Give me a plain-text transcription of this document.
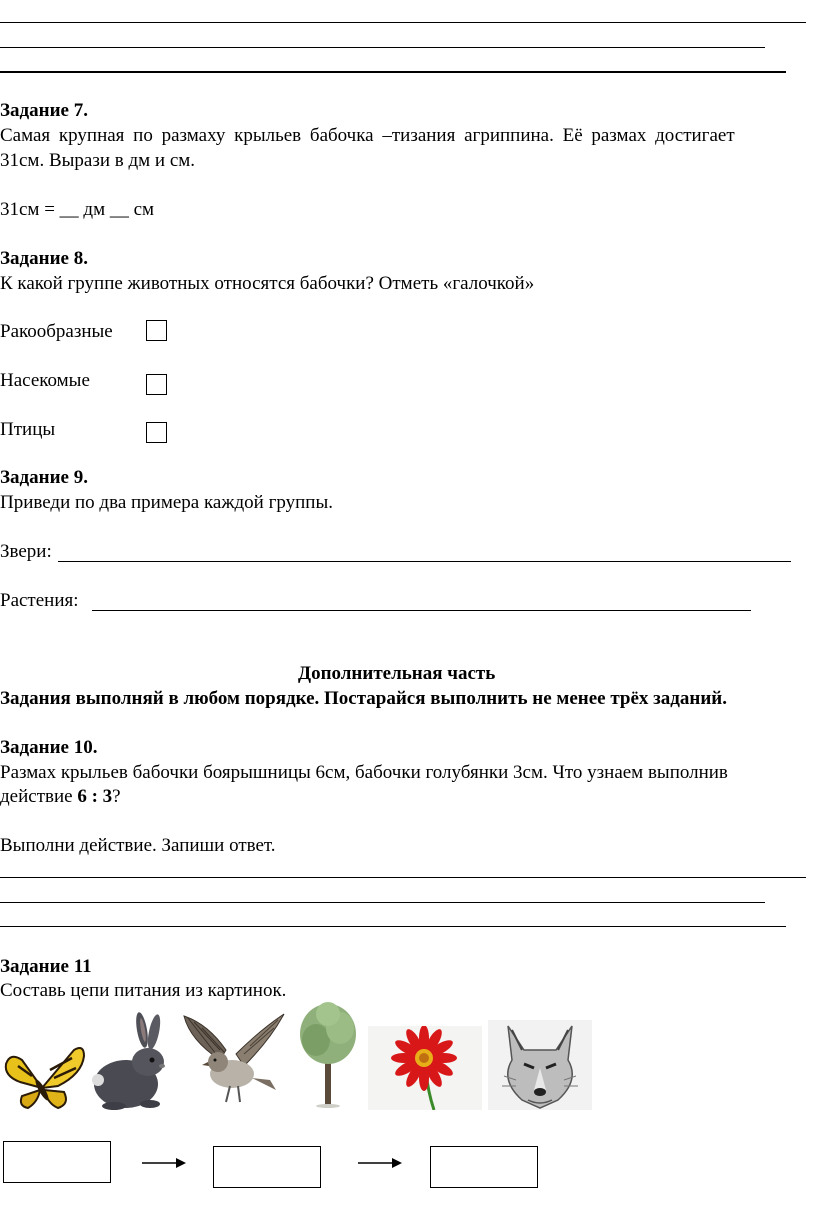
Задание 7.
Самая крупная по размаху крыльев бабочка –тизания агриппина. Её размах достигает
31см. Вырази в дм и см.
31см = __ дм __ см
Задание 8.
К какой группе животных относятся бабочки? Отметь «галочкой»
Ракообразные
Насекомые
Птицы
Задание 9.
Приведи по два примера каждой группы.
Звери:
Растения:
Дополнительная часть
Задания выполняй в любом порядке. Постарайся выполнить не менее трёх заданий.
Задание 10.
Размах крыльев бабочки боярышницы 6см, бабочки голубянки 3см. Что узнаем выполнив
действие 6 : 3?
Выполни действие. Запиши ответ.
Задание 11
Составь цепи питания из картинок.
